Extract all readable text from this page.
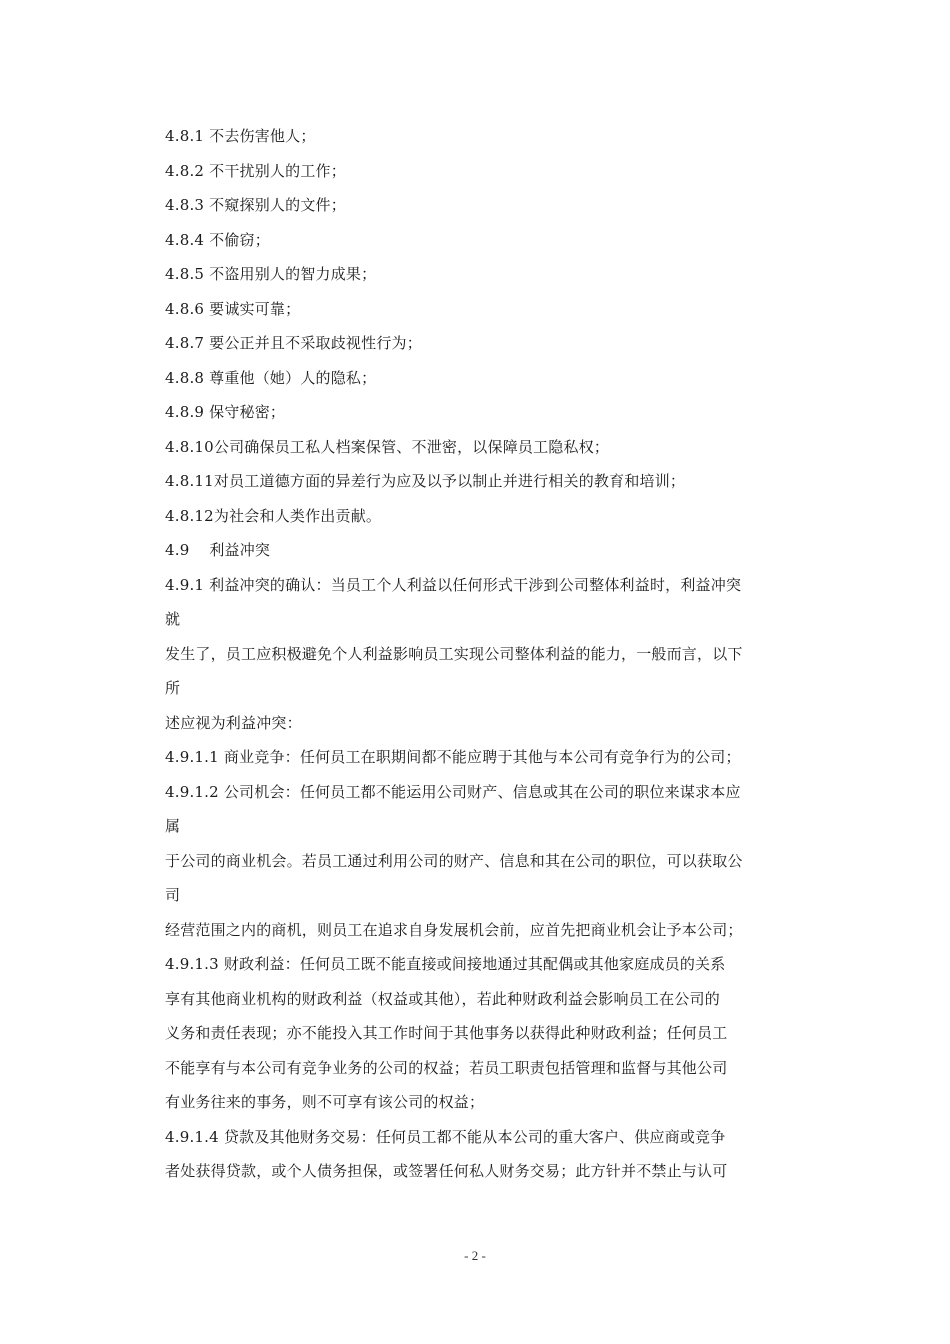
4.8.1 不去伤害他人；
4.8.2 不干扰别人的工作；
4.8.3 不窥探别人的文件；
4.8.4 不偷窃；
4.8.5 不盗用别人的智力成果；
4.8.6 要诚实可靠；
4.8.7 要公正并且不采取歧视性行为；
4.8.8 尊重他（她）人的隐私；
4.8.9 保守秘密；
4.8.10公司确保员工私人档案保管、不泄密，以保障员工隐私权；
4.8.11对员工道德方面的异差行为应及以予以制止并进行相关的教育和培训；
4.8.12为社会和人类作出贡献。
4.9    利益冲突
4.9.1 利益冲突的确认：当员工个人利益以任何形式干涉到公司整体利益时，利益冲突
就
发生了，员工应积极避免个人利益影响员工实现公司整体利益的能力，一般而言，以下
所
述应视为利益冲突：
4.9.1.1 商业竞争：任何员工在职期间都不能应聘于其他与本公司有竞争行为的公司；
4.9.1.2 公司机会：任何员工都不能运用公司财产、信息或其在公司的职位来谋求本应
属
于公司的商业机会。若员工通过利用公司的财产、信息和其在公司的职位，可以获取公
司
经营范围之内的商机，则员工在追求自身发展机会前，应首先把商业机会让予本公司；
4.9.1.3 财政利益：任何员工既不能直接或间接地通过其配偶或其他家庭成员的关系
享有其他商业机构的财政利益（权益或其他），若此种财政利益会影响员工在公司的
义务和责任表现；亦不能投入其工作时间于其他事务以获得此种财政利益；任何员工
不能享有与本公司有竞争业务的公司的权益；若员工职责包括管理和监督与其他公司
有业务往来的事务，则不可享有该公司的权益；
4.9.1.4 贷款及其他财务交易：任何员工都不能从本公司的重大客户、供应商或竞争
者处获得贷款，或个人债务担保，或签署任何私人财务交易；此方针并不禁止与认可
- 2 -
